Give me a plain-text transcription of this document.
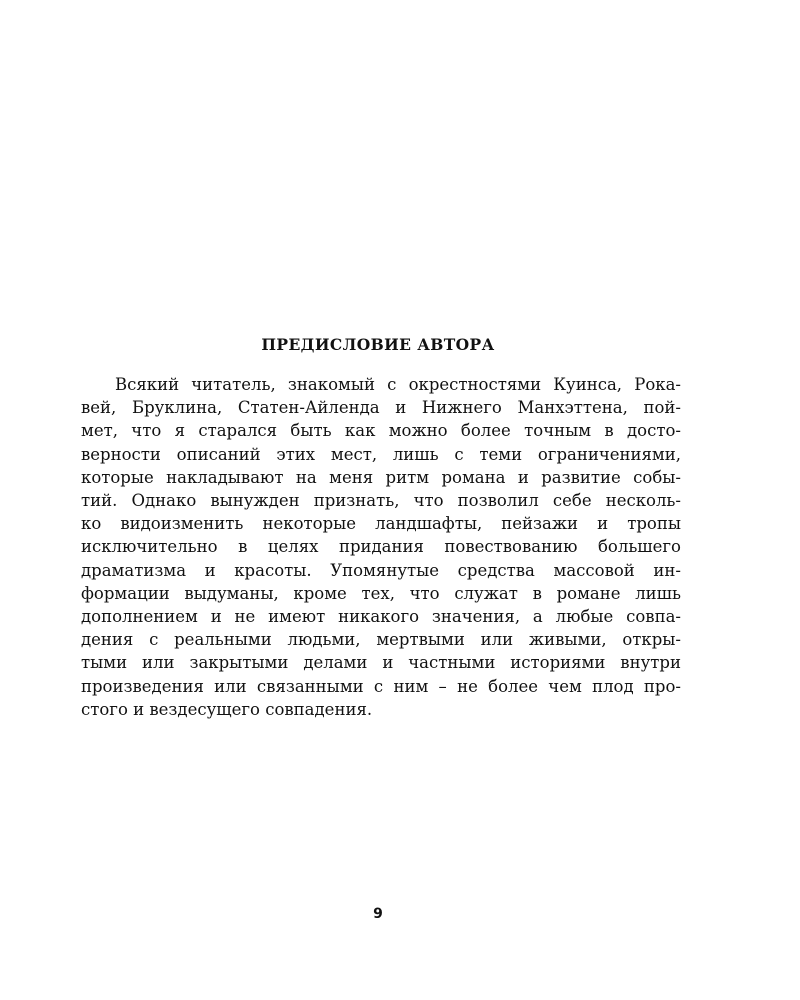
ПРЕДИСЛОВИЕ АВТОРА
Всякий читатель, знакомый с окрестностями Куинса, Рока-
вей, Бруклина, Статен-Айленда и Нижнего Манхэттена, пой-
мет, что я старался быть как можно более точным в досто-
верности описаний этих мест, лишь с теми ограничениями,
которые накладывают на меня ритм романа и развитие собы-
тий. Однако вынужден признать, что позволил себе несколь-
ко видоизменить некоторые ландшафты, пейзажи и тропы
исключительно в целях придания повествованию большего
драматизма и красоты. Упомянутые средства массовой ин-
формации выдуманы, кроме тех, что служат в романе лишь
дополнением и не имеют никакого значения, а любые совпа-
дения с реальными людьми, мертвыми или живыми, откры-
тыми или закрытыми делами и частными историями внутри
произведения или связанными с ним – не более чем плод про-
стого и вездесущего совпадения.
9
